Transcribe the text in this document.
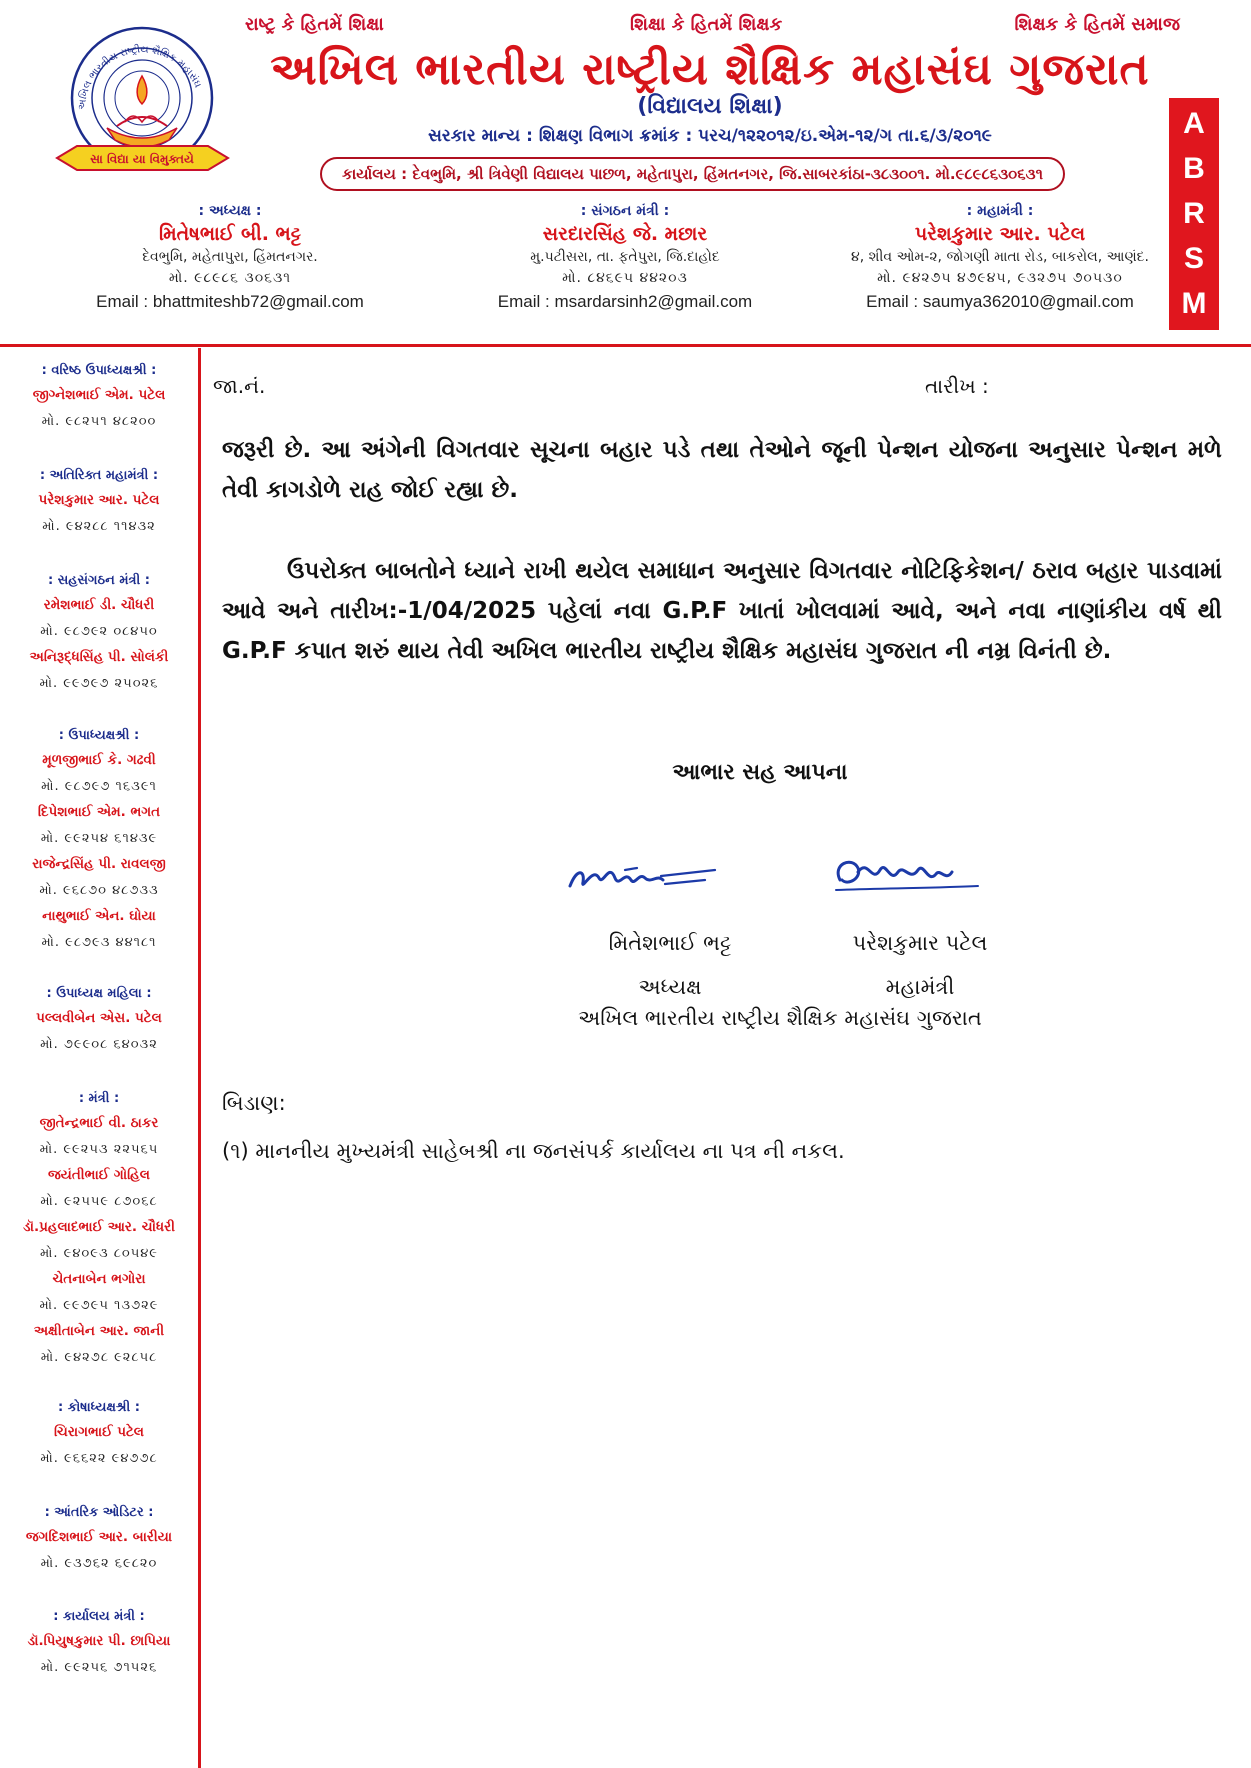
અખિલ ભારતીય રાષ્ટ્રીય શૈક્ષિક મહાસંઘ
સા વિદ્યા યા વિમુક્તયે
રાષ્ટ્ર કે હિતમેં શિક્ષા	શિક્ષા કે હિતમેં શિક્ષક	શિક્ષક કે હિતમેં સમાજ
અખિલ ભારતીય રાષ્ટ્રીય શૈક્ષિક મહાસંઘ ગુજરાત
(વિદ્યાલય શિક્ષા)
સરકાર માન્ય : શિક્ષણ વિભાગ ક્રમાંક : પરચ/૧૨૨૦૧૨/ઇ.એમ-૧૨/ગ તા.૬/૩/૨૦૧૯
કાર્યાલય : દેવભુમિ, શ્રી ત્રિવેણી વિદ્યાલય પાછળ, મહેતાપુરા, હિંમતનગર, જિ.સાબરકાંઠા-૩૮૩૦૦૧. મો.૯૮૯૮૬૩૦૬૩૧
A
B
R
S
M
: અધ્યક્ષ :
મિતેષભાઈ બી. ભટ્ટ
દેવભુમિ, મહેતાપુરા, હિંમતનગર.
મો. ૯૮૯૮૬ ૩૦૬૩૧
Email : bhattmiteshb72@gmail.com
: સંગઠન મંત્રી :
સરદારસિંહ જે. મછાર
મુ.પટીસરા, તા. ફતેપુરા, જિ.દાહોદ
મો. ૮૪૬૯૫ ૪૪૨૦૩
Email : msardarsinh2@gmail.com
: મહામંત્રી :
પરેશકુમાર આર. પટેલ
૪, શીવ ઓમ-૨, જોગણી માતા રોડ, બાકરોલ, આણંદ.
મો. ૯૪૨૭૫ ૪૭૯૪૫, ૯૩૨૭૫ ૭૦૫૩૦
Email : saumya362010@gmail.com
: વરિષ્ઠ ઉપાધ્યક્ષશ્રી :
જીગ્નેશભાઈ એમ. પટેલ
મો. ૯૮૨૫૧ ૪૮૨૦૦
: અતિરિક્ત મહામંત્રી :
પરેશકુમાર આર. પટેલ
મો. ૯૪૨૮૮ ૧૧૪૩૨
: સહસંગઠન મંત્રી :
રમેશભાઈ ડી. ચૌધરી
મો. ૯૮૭૯૨ ૦૮૪૫૦
અનિરૂદ્ધસિંહ પી. સોલંકી
મો. ૯૯૭૯૭ ૨૫૦૨૬
: ઉપાધ્યક્ષશ્રી :
મૂળજીભાઈ કે. ગઢવી
મો. ૯૮૭૯૭ ૧૬૩૯૧
દિપેશભાઈ એમ. ભગત
મો. ૯૯૨૫૪ ૬૧૪૩૯
રાજેન્દ્રસિંહ પી. રાવલજી
મો. ૯૬૮૭૦ ૪૮૭૩૩
નાથુભાઈ એન. ઘોયા
મો. ૯૮૭૯૩ ૪૪૧૮૧
: ઉપાધ્યક્ષ મહિલા :
પલ્લવીબેન એસ. પટેલ
મો. ૭૯૯૦૮ ૬૪૦૩૨
: મંત્રી :
જીતેન્દ્રભાઈ વી. ઠાકર
મો. ૯૯૨૫૩ ૨૨૫૬૫
જયંતીભાઈ ગોહિલ
મો. ૯૨૫૫૯ ૮૭૦૬૮
ડૉ.પ્રહલાદભાઈ આર. ચૌધરી
મો. ૯૪૦૯૩ ૮૦૫૪૯
ચેતનાબેન ભગોરા
મો. ૯૯૭૯૫ ૧૩૭૨૯
અક્ષીતાબેન આર. જાની
મો. ૯૪૨૭૮ ૯૨૮૫૮
: કોષાધ્યક્ષશ્રી :
ચિરાગભાઈ પટેલ
મો. ૯૬૬૨૨ ૯૪૭૭૮
: આંતરિક ઓડિટર :
જગદિશભાઈ આર. બારીયા
મો. ૯૩૭૬૨ ૬૯૮૨૦
: કાર્યાલય મંત્રી :
ડૉ.પિયુષકુમાર પી. છાપિયા
મો. ૯૯૨૫૬ ૭૧૫૨૬
જા.નં.	તારીખ :
જરૂરી છે. આ અંગેની વિગતવાર સૂચના બહાર પડે તથા તેઓને જૂની પેન્શન યોજના અનુસાર પેન્શન મળે તેવી કાગડોળે રાહ જોઈ રહ્યા છે.
ઉપરોક્ત બાબતોને ધ્યાને રાખી થયેલ સમાધાન અનુસાર વિગતવાર નોટિફિકેશન/ ઠરાવ બહાર પાડવામાં આવે અને તારીખ:-1/04/2025 પહેલાં નવા G.P.F ખાતાં ખોલવામાં આવે, અને નવા નાણાંકીય વર્ષ થી G.P.F કપાત શરું થાય તેવી અખિલ ભારતીય રાષ્ટ્રીય શૈક્ષિક મહાસંઘ ગુજરાત ની નમ્ર વિનંતી છે.
આભાર સહ આપના
મિતેશભાઈ ભટ્ટ
અધ્યક્ષ
પરેશકુમાર પટેલ
મહામંત્રી
અખિલ ભારતીય રાષ્ટ્રીય શૈક્ષિક મહાસંઘ ગુજરાત
બિડાણ:
(૧) માનનીય મુખ્યમંત્રી સાહેબશ્રી ના જનસંપર્ક કાર્યાલય ના પત્ર ની નકલ.
